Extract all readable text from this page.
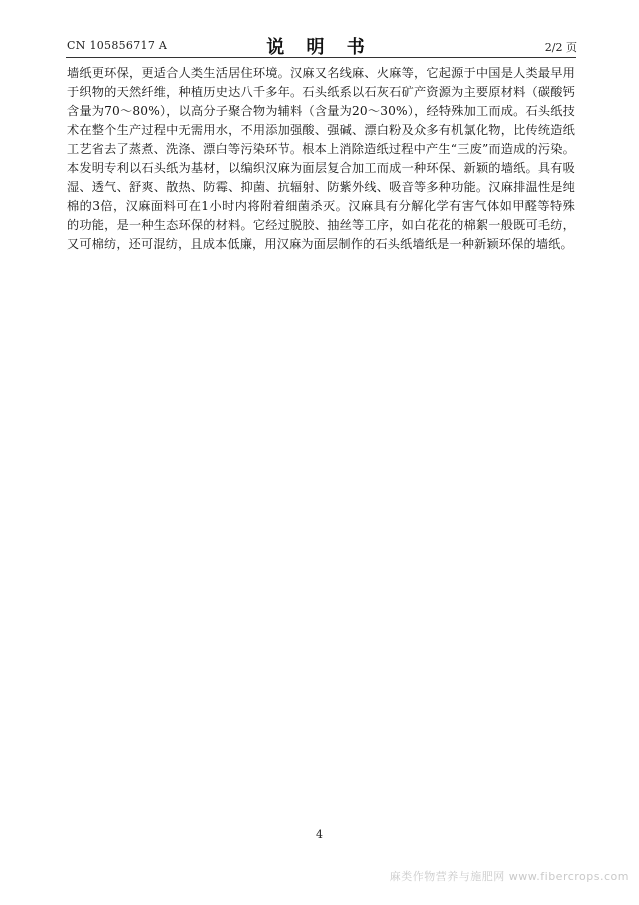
CN 105856717 A	说 明 书	2/2 页

墙纸更环保，更适合人类生活居住环境。汉麻又名线麻、火麻等，它起源于中国是人类最早用于织物的天然纤维，种植历史达八千多年。石头纸系以石灰石矿产资源为主要原材料（碳酸钙含量为70～80%），以高分子聚合物为辅料（含量为20～30%），经特殊加工而成。石头纸技术在整个生产过程中无需用水，不用添加强酸、强碱、漂白粉及众多有机氯化物，比传统造纸工艺省去了蒸煮、洗涤、漂白等污染环节。根本上消除造纸过程中产生“三废”而造成的污染。本发明专利以石头纸为基材，以编织汉麻为面层复合加工而成一种环保、新颖的墙纸。具有吸湿、透气、舒爽、散热、防霉、抑菌、抗辐射、防紫外线、吸音等多种功能。汉麻排温性是纯棉的3倍，汉麻面料可在1小时内将附着细菌杀灭。汉麻具有分解化学有害气体如甲醛等特殊的功能，是一种生态环保的材料。它经过脱胶、抽丝等工序，如白花花的棉絮一般既可毛纺，又可棉纺，还可混纺，且成本低廉，用汉麻为面层制作的石头纸墙纸是一种新颖环保的墙纸。

4
麻类作物营养与施肥网 www.fibercrops.com
